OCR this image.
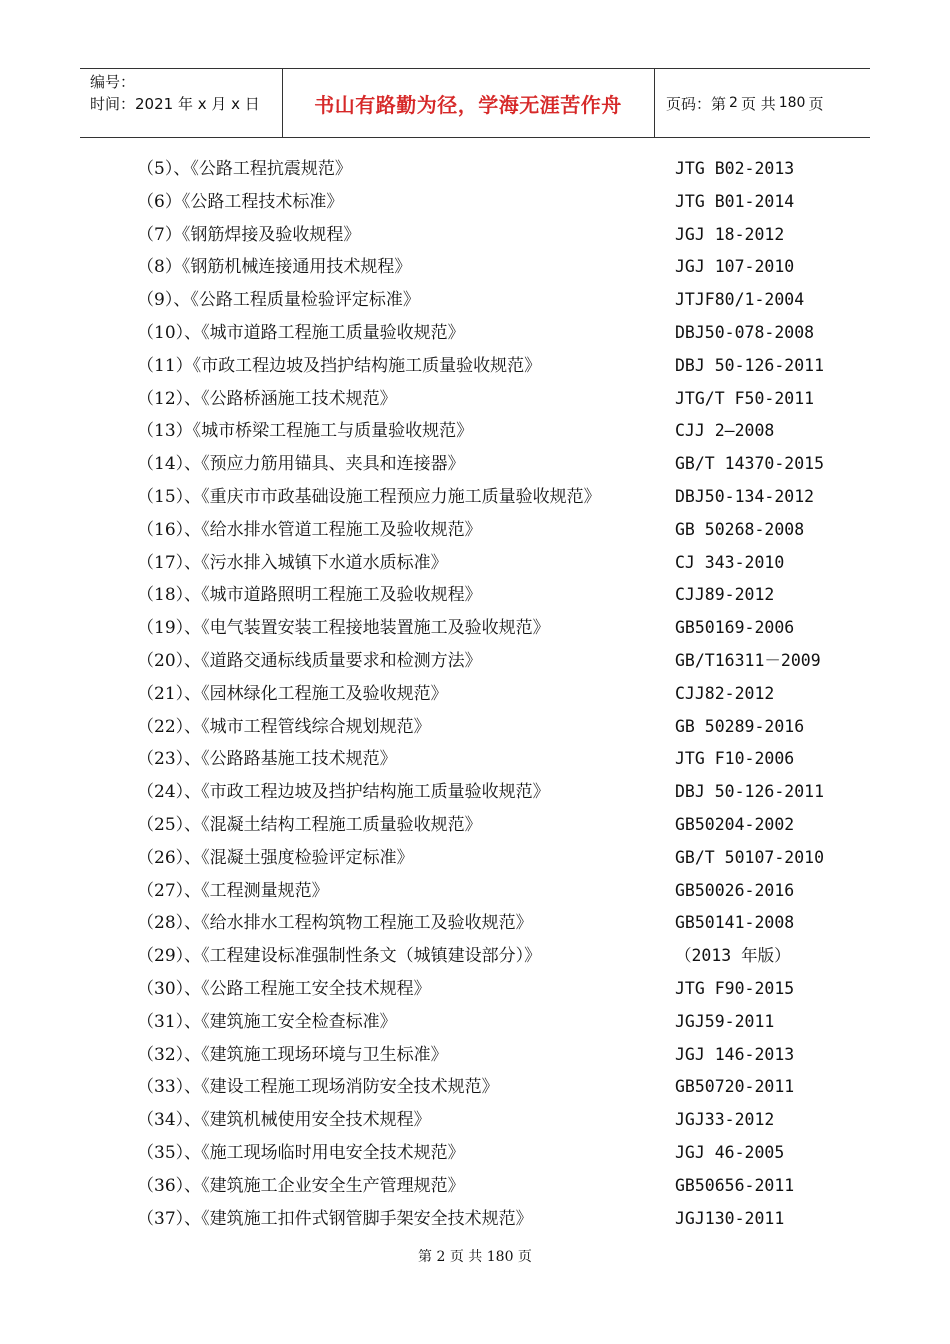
编号：
时间：2021 年 x 月 x 日	书山有路勤为径，学海无涯苦作舟	页码：第 2 页 共 180 页
（5）、《公路工程抗震规范》	JTG B02-2013
（6）《公路工程技术标准》	JTG B01-2014
（7）《钢筋焊接及验收规程》	JGJ 18-2012
（8）《钢筋机械连接通用技术规程》	JGJ 107-2010
（9）、《公路工程质量检验评定标准》	JTJF80/1-2004
（10）、《城市道路工程施工质量验收规范》	DBJ50-078-2008
（11）《市政工程边坡及挡护结构施工质量验收规范》	DBJ 50-126-2011
（12）、《公路桥涵施工技术规范》	JTG/T F50-2011
（13）《城市桥梁工程施工与质量验收规范》	CJJ 2—2008
（14）、《预应力筋用锚具、夹具和连接器》	GB/T 14370-2015
（15）、《重庆市市政基础设施工程预应力施工质量验收规范》	DBJ50-134-2012
（16）、《给水排水管道工程施工及验收规范》	GB 50268-2008
（17）、《污水排入城镇下水道水质标准》	CJ 343-2010
（18）、《城市道路照明工程施工及验收规程》	CJJ89-2012
（19）、《电气装置安装工程接地装置施工及验收规范》	GB50169-2006
（20）、《道路交通标线质量要求和检测方法》	GB/T16311－2009
（21）、《园林绿化工程施工及验收规范》	CJJ82-2012
（22）、《城市工程管线综合规划规范》	GB 50289-2016
（23）、《公路路基施工技术规范》	JTG F10-2006
（24）、《市政工程边坡及挡护结构施工质量验收规范》	DBJ 50-126-2011
（25）、《混凝土结构工程施工质量验收规范》	GB50204-2002
（26）、《混凝土强度检验评定标准》	GB/T 50107-2010
（27）、《工程测量规范》	GB50026-2016
（28）、《给水排水工程构筑物工程施工及验收规范》	GB50141-2008
（29）、《工程建设标准强制性条文（城镇建设部分）》	（2013 年版）
（30）、《公路工程施工安全技术规程》	JTG F90-2015
（31）、《建筑施工安全检查标准》	JGJ59-2011
（32）、《建筑施工现场环境与卫生标准》	JGJ 146-2013
（33）、《建设工程施工现场消防安全技术规范》	GB50720-2011
（34）、《建筑机械使用安全技术规程》	JGJ33-2012
（35）、《施工现场临时用电安全技术规范》	JGJ 46-2005
（36）、《建筑施工企业安全生产管理规范》	GB50656-2011
（37）、《建筑施工扣件式钢管脚手架安全技术规范》	JGJ130-2011
第 2 页 共 180 页
